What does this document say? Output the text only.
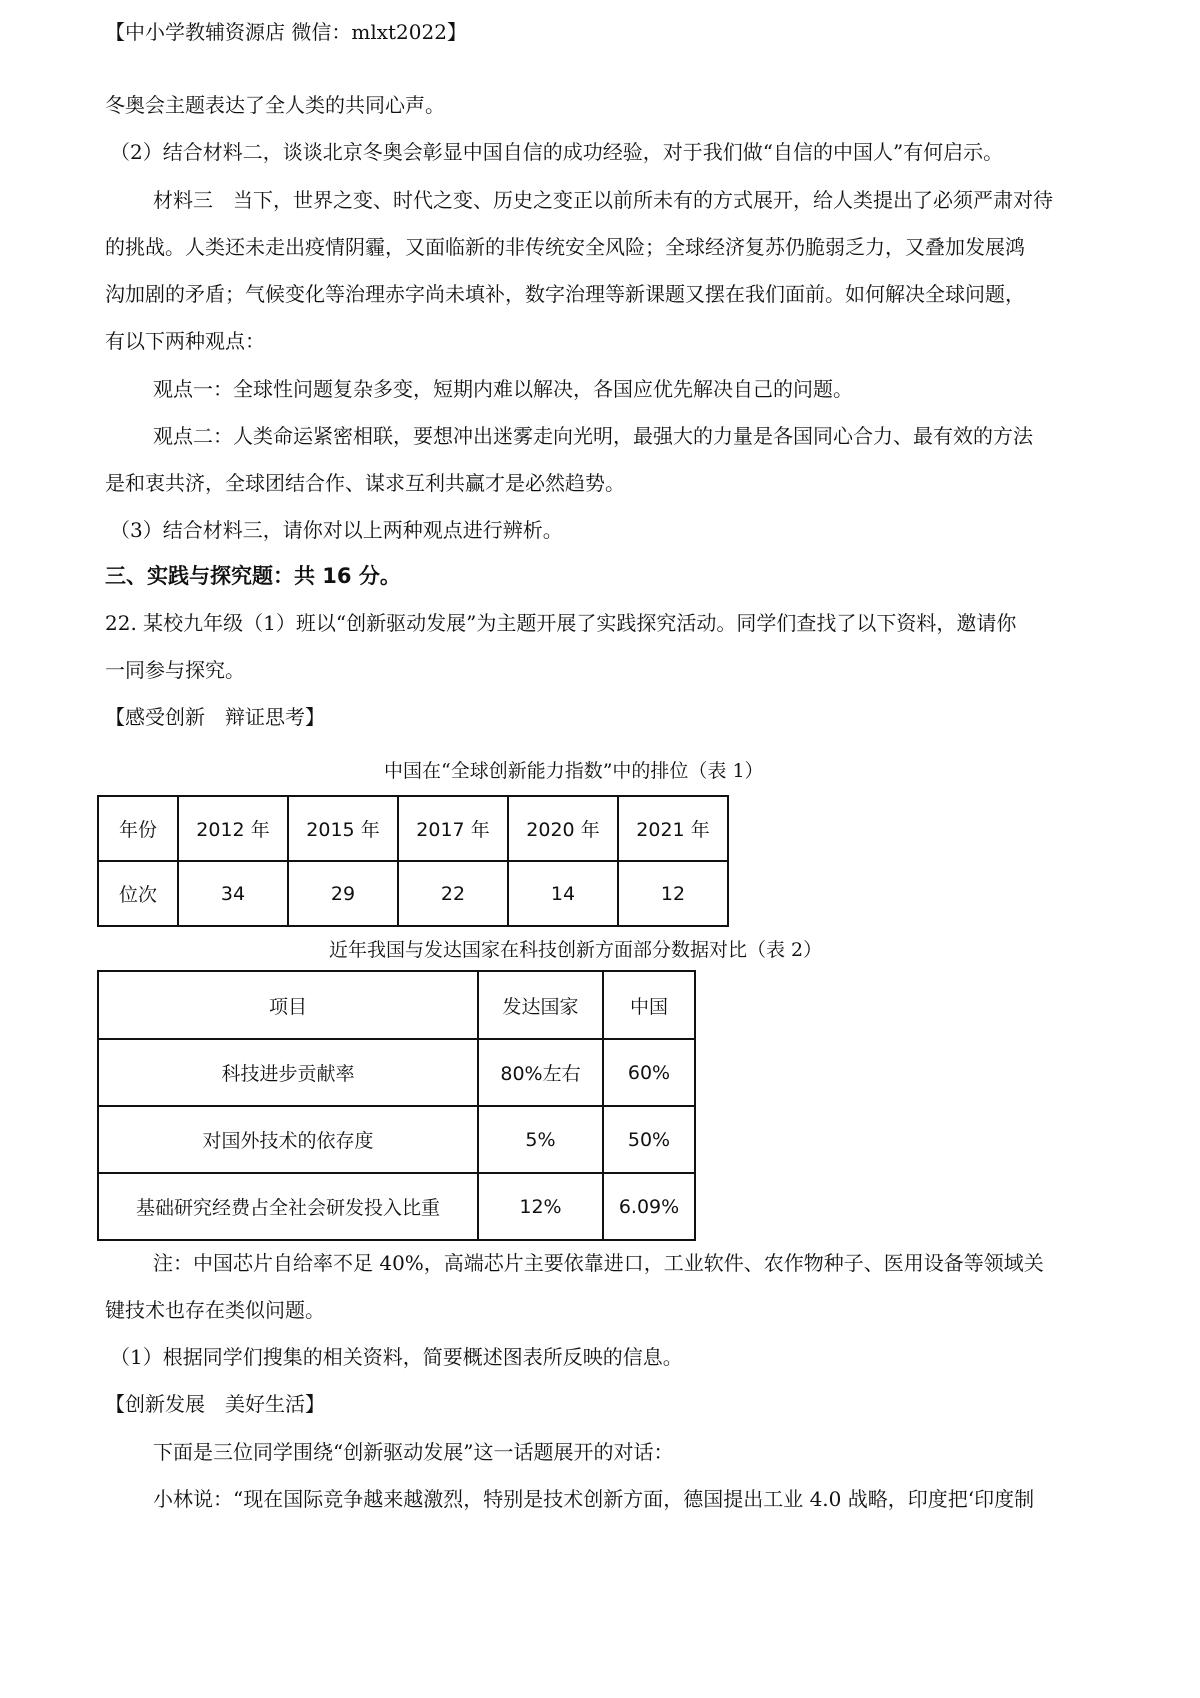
【中小学教辅资源店 微信：mlxt2022】
冬奥会主题表达了全人类的共同心声。
（2）结合材料二，谈谈北京冬奥会彰显中国自信的成功经验，对于我们做“自信的中国人”有何启示。
材料三　当下，世界之变、时代之变、历史之变正以前所未有的方式展开，给人类提出了必须严肃对待
的挑战。人类还未走出疫情阴霾，又面临新的非传统安全风险；全球经济复苏仍脆弱乏力，又叠加发展鸿
沟加剧的矛盾；气候变化等治理赤字尚未填补，数字治理等新课题又摆在我们面前。如何解决全球问题，
有以下两种观点：
观点一：全球性问题复杂多变，短期内难以解决，各国应优先解决自己的问题。
观点二：人类命运紧密相联，要想冲出迷雾走向光明，最强大的力量是各国同心合力、最有效的方法
是和衷共济，全球团结合作、谋求互利共赢才是必然趋势。
（3）结合材料三，请你对以上两种观点进行辨析。
三、实践与探究题：共 16 分。
22. 某校九年级（1）班以“创新驱动发展”为主题开展了实践探究活动。同学们查找了以下资料，邀请你
一同参与探究。
【感受创新　辩证思考】
中国在“全球创新能力指数”中的排位（表 1）
年份	2012 年	2015 年	2017 年	2020 年	2021 年
位次	34	29	22	14	12
近年我国与发达国家在科技创新方面部分数据对比（表 2）
项目	发达国家	中国
科技进步贡献率	80%左右	60%
对国外技术的依存度	5%	50%
基础研究经费占全社会研发投入比重	12%	6.09%
注：中国芯片自给率不足 40%，高端芯片主要依靠进口，工业软件、农作物种子、医用设备等领域关
键技术也存在类似问题。
（1）根据同学们搜集的相关资料，简要概述图表所反映的信息。
【创新发展　美好生活】
下面是三位同学围绕“创新驱动发展”这一话题展开的对话：
小林说：“现在国际竞争越来越激烈，特别是技术创新方面，德国提出工业 4.0 战略，印度把‘印度制
